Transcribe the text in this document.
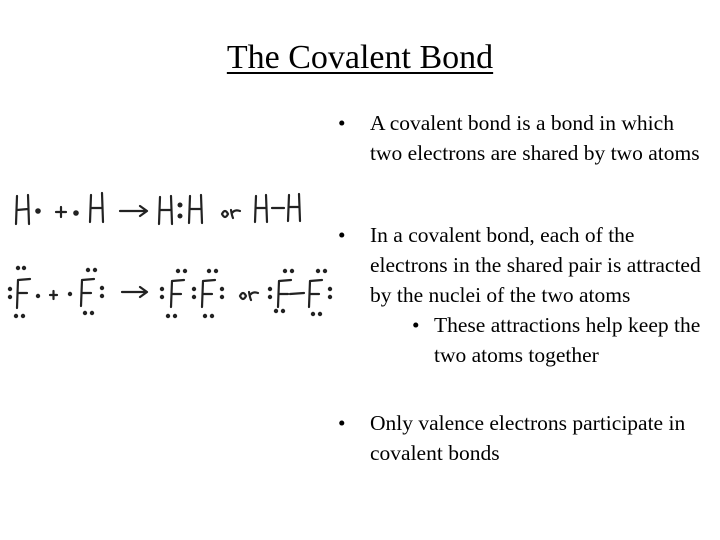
The Covalent Bond
• A covalent bond is a bond in which two electrons are shared by two atoms
• In a covalent bond, each of the electrons in the shared pair is attracted by the nuclei of the two atoms
• These attractions help keep the two atoms together
• Only valence electrons participate in covalent bonds
